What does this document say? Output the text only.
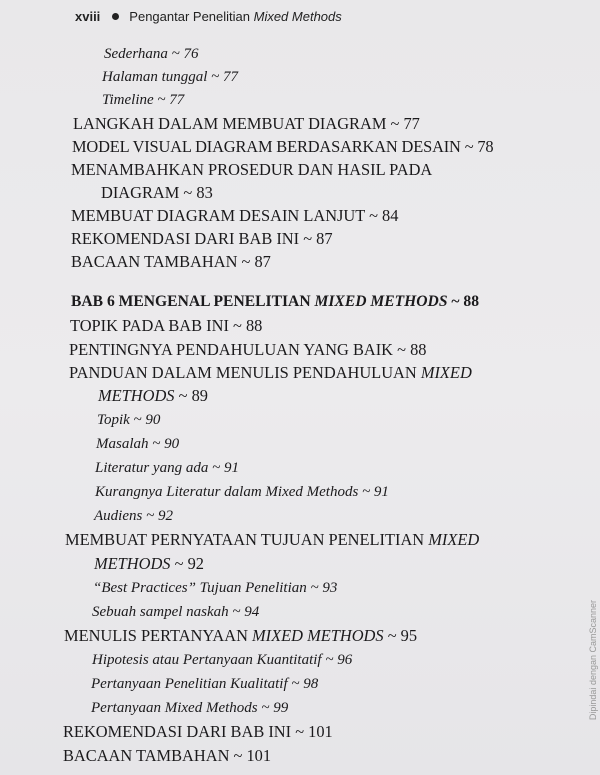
xviii Pengantar Penelitian Mixed Methods
Sederhana ~ 76
Halaman tunggal ~ 77
Timeline ~ 77
LANGKAH DALAM MEMBUAT DIAGRAM ~ 77
MODEL VISUAL DIAGRAM BERDASARKAN DESAIN ~ 78
MENAMBAHKAN PROSEDUR DAN HASIL PADA
DIAGRAM ~ 83
MEMBUAT DIAGRAM DESAIN LANJUT ~ 84
REKOMENDASI DARI BAB INI ~ 87
BACAAN TAMBAHAN ~ 87
BAB 6 MENGENAL PENELITIAN MIXED METHODS ~ 88
TOPIK PADA BAB INI ~ 88
PENTINGNYA PENDAHULUAN YANG BAIK ~ 88
PANDUAN DALAM MENULIS PENDAHULUAN MIXED
METHODS ~ 89
Topik ~ 90
Masalah ~ 90
Literatur yang ada ~ 91
Kurangnya Literatur dalam Mixed Methods ~ 91
Audiens ~ 92
MEMBUAT PERNYATAAN TUJUAN PENELITIAN MIXED
METHODS ~ 92
“Best Practices” Tujuan Penelitian ~ 93
Sebuah sampel naskah ~ 94
MENULIS PERTANYAAN MIXED METHODS ~ 95
Hipotesis atau Pertanyaan Kuantitatif ~ 96
Pertanyaan Penelitian Kualitatif ~ 98
Pertanyaan Mixed Methods ~ 99
REKOMENDASI DARI BAB INI ~ 101
BACAAN TAMBAHAN ~ 101
Dipindai dengan CamScanner
